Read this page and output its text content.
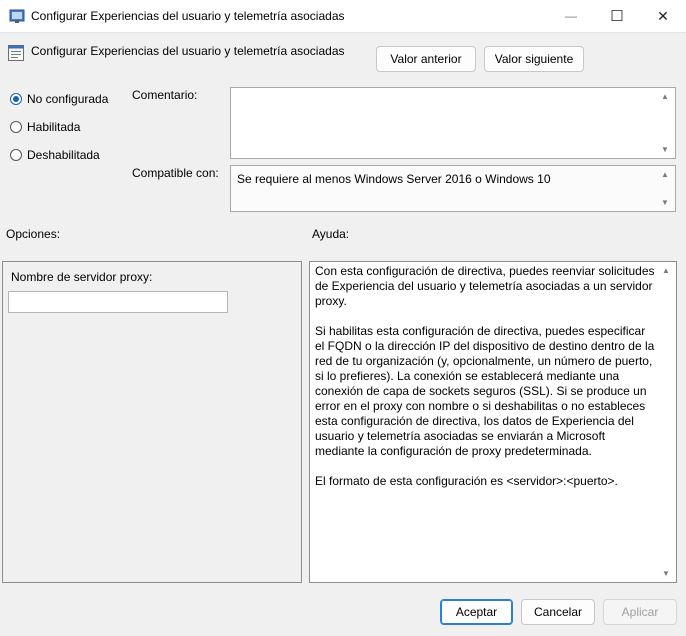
Configurar Experiencias del usuario y telemetría asociadas	— ☐ ✕
Configurar Experiencias del usuario y telemetría asociadas
Valor anterior	Valor siguiente
No configurada
Habilitada
Deshabilitada
Comentario:	▲
▼
Compatible con: Se requiere al menos Windows Server 2016 o Windows 10	▲
▼
Opciones:	Ayuda:
Nombre de servidor proxy:	Con esta configuración de directiva, puedes reenviar solicitudes de Experiencia del usuario y telemetría asociadas a un servidor proxy.

Si habilitas esta configuración de directiva, puedes especificar el FQDN o la dirección IP del dispositivo de destino dentro de la red de tu organización (y, opcionalmente, un número de puerto, si lo prefieres). La conexión se establecerá mediante una conexión de capa de sockets seguros (SSL). Si se produce un error en el proxy con nombre o si deshabilitas o no estableces esta configuración de directiva, los datos de Experiencia del usuario y telemetría asociadas se enviarán a Microsoft mediante la configuración de proxy predeterminada.

El formato de esta configuración es <servidor>:<puerto>.

▲
▼
Aceptar	Cancelar	Aplicar
